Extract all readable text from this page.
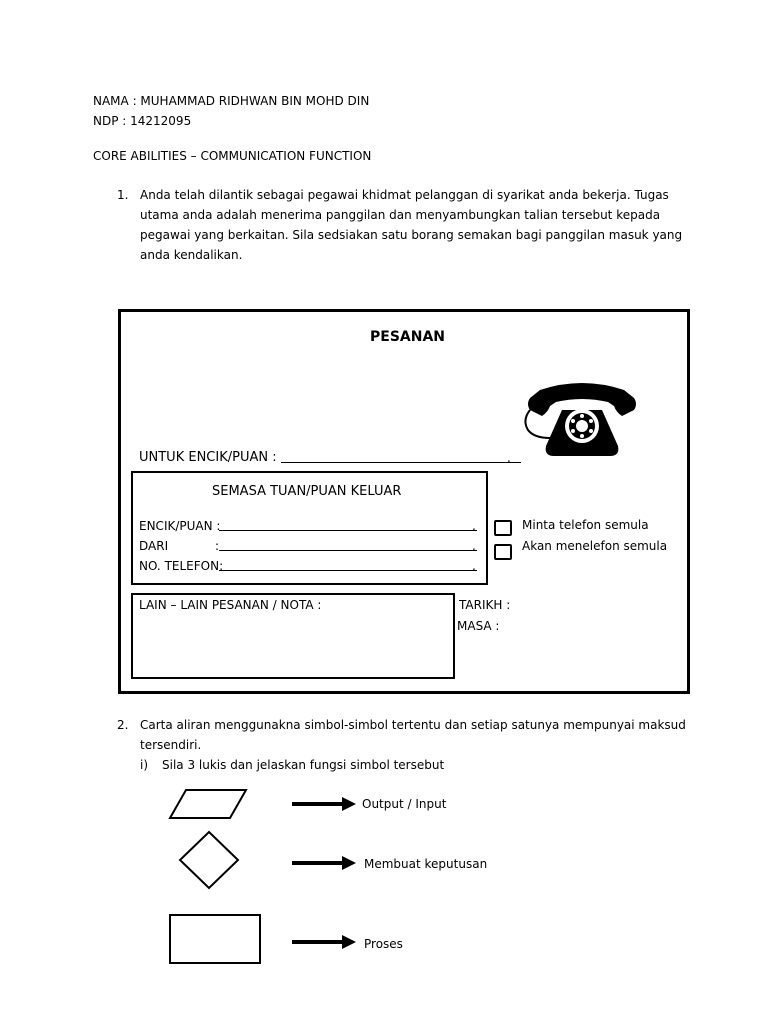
NAMA : MUHAMMAD RIDHWAN BIN MOHD DIN
NDP : 14212095
CORE ABILITIES – COMMUNICATION FUNCTION
1. Anda telah dilantik sebagai pegawai khidmat pelanggan di syarikat anda bekerja. Tugas
utama anda adalah menerima panggilan dan menyambungkan talian tersebut kepada
pegawai yang berkaitan. Sila sedsiakan satu borang semakan bagi panggilan masuk yang
anda kendalikan.
PESANAN
UNTUK ENCIK/PUAN :	.
SEMASA TUAN/PUAN KELUAR
ENCIK/PUAN :	.
DARI	:	.
NO. TELEFON:	.
Minta telefon semula
Akan menelefon semula
LAIN – LAIN PESANAN / NOTA :	TARIKH :
MASA :
2. Carta aliran menggunakna simbol-simbol tertentu dan setiap satunya mempunyai maksud
tersendiri.
i) Sila 3 lukis dan jelaskan fungsi simbol tersebut
Output / Input
Membuat keputusan
Proses
